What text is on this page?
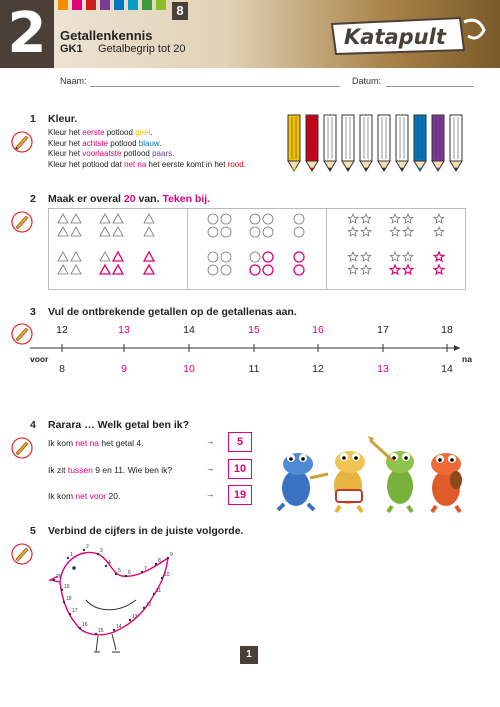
2	8
Getallenkennis
GK1 Getalbegrip tot 20	Katapult
Naam:	Datum:
1 Kleur.
Kleur het eerste potlood geel.
Kleur het achtste potlood blauw.
Kleur het voorlaatste potlood paars.
Kleur het potlood dat net na het eerste komt in het rood.
2 Maak er overal 20 van. Teken bij.
3 Vul de ontbrekende getallen op de getallenas aan.
12	13	14	15	16	17	18
8	9	10	11	12	13	14
voor	na
4 Rarara … Welk getal ben ik?
Ik kom net na het getal 4.	→	5
Ik zit tussen 9 en 11. Wie ben ik?	→	10
Ik kom net voor 20.	→	19
5 Verbind de cijfers in de juiste volgorde.
1
2
3
4
5 6
7
8
9
10
11
12
13
14
15
16
17
18
19
20
1
